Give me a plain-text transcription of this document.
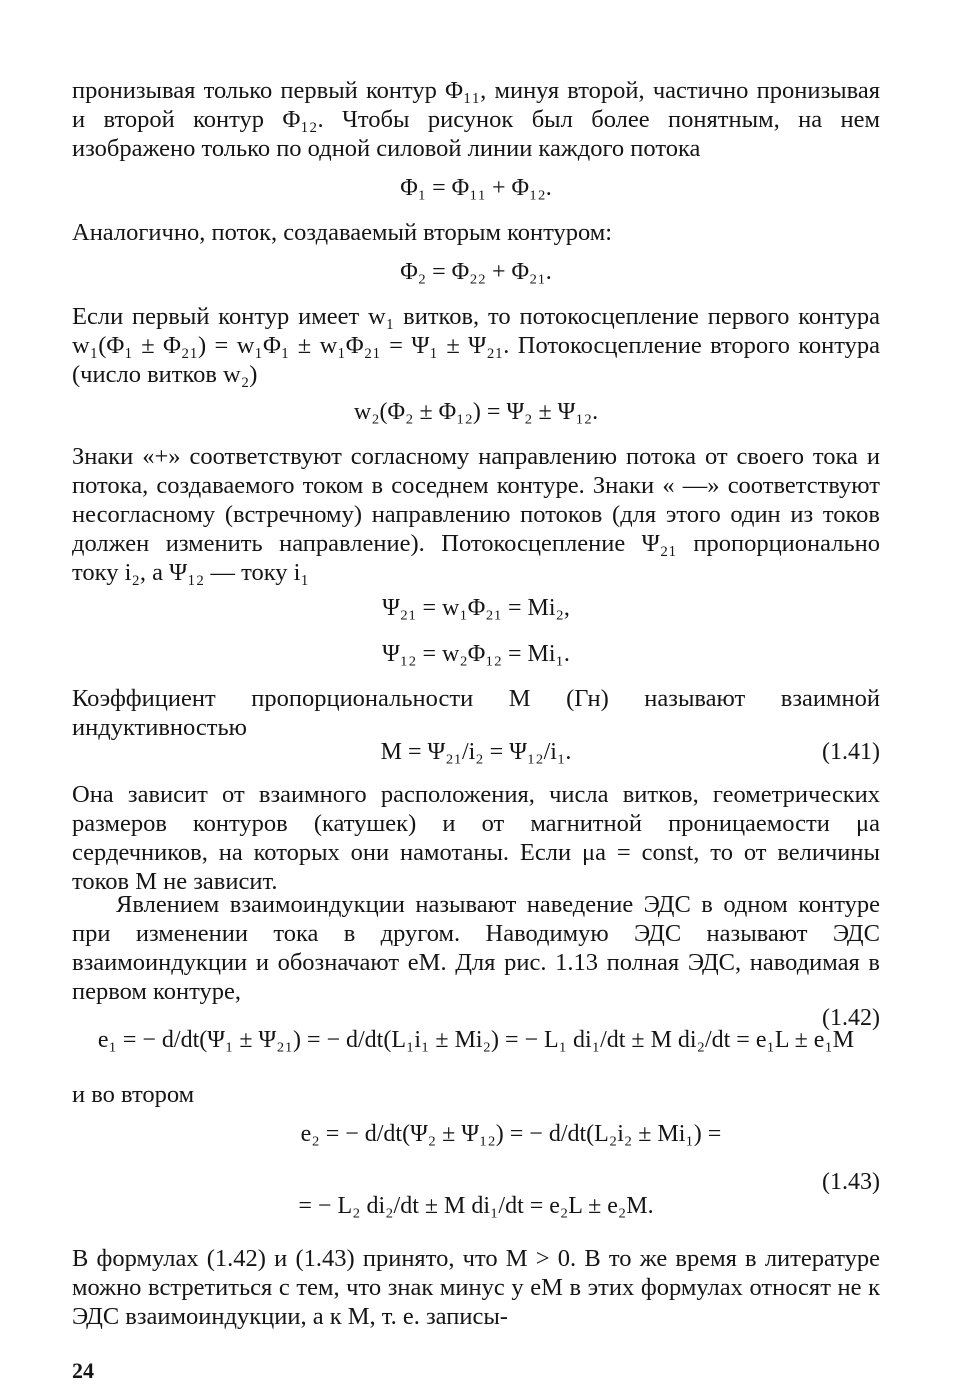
пронизывая только первый контур Φ₁₁, минуя второй, частично пронизывая и второй контур Φ₁₂. Чтобы рисунок был более понятным, на нем изображено только по одной силовой линии каждого потока

Φ₁ = Φ₁₁ + Φ₁₂.

Аналогично, поток, создаваемый вторым контуром:

Φ₂ = Φ₂₂ + Φ₂₁.

Если первый контур имеет w₁ витков, то потокосцепление первого контура w₁(Φ₁ ± Φ₂₁) = w₁Φ₁ ± w₁Φ₂₁ = Ψ₁ ± Ψ₂₁. Потокосцепление второго контура (число витков w₂)

w₂(Φ₂ ± Φ₁₂) = Ψ₂ ± Ψ₁₂.

Знаки «+» соответствуют согласному направлению потока от своего тока и потока, создаваемого током в соседнем контуре. Знаки « —» соответствуют несогласному (встречному) направлению потоков (для этого один из токов должен изменить направление). Потокосцепление Ψ₂₁ пропорционально току i₂, а Ψ₁₂ — току i₁

Ψ₂₁ = w₁Φ₂₁ = Mi₂,
Ψ₁₂ = w₂Φ₁₂ = Mi₁.

Коэффициент пропорциональности M (Гн) называют взаимной индуктивностью

M = Ψ₂₁/i₂ = Ψ₁₂/i₁.	(1.41)

Она зависит от взаимного расположения, числа витков, геометрических размеров контуров (катушек) и от магнитной проницаемости μa сердечников, на которых они намотаны. Если μa = const, то от величины токов M не зависит.

Явлением взаимоиндукции называют наведение ЭДС в одном контуре при изменении тока в другом. Наводимую ЭДС называют ЭДС взаимоиндукции и обозначают eM. Для рис. 1.13 полная ЭДС, наводимая в первом контуре,

(1.42)
e₁ = − d/dt(Ψ₁ ± Ψ₂₁) = − d/dt(L₁i₁ ± Mi₂) = − L₁ di₁/dt ± M di₂/dt = e₁L ± e₁M

и во втором

e₂ = − d/dt(Ψ₂ ± Ψ₁₂) = − d/dt(L₂i₂ ± Mi₁) =
(1.43)
= − L₂ di₂/dt ± M di₁/dt = e₂L ± e₂M.

В формулах (1.42) и (1.43) принято, что M > 0. В то же время в литературе можно встретиться с тем, что знак минус у eM в этих формулах относят не к ЭДС взаимоиндукции, а к M, т. е. записы-

24
